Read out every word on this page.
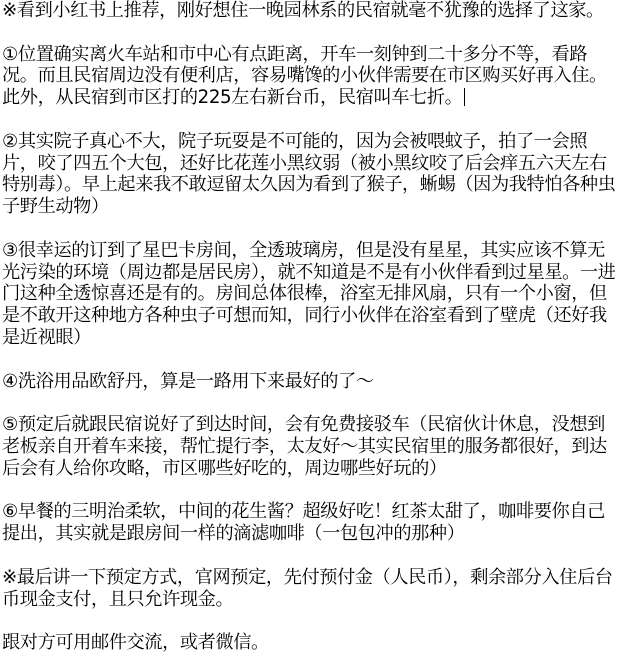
※看到小红书上推荐，刚好想住一晚园林系的民宿就毫不犹豫的选择了这家。

①位置确实离火车站和市中心有点距离，开车一刻钟到二十多分不等，看路况。而且民宿周边没有便利店，容易嘴馋的小伙伴需要在市区购买好再入住。此外，从民宿到市区打的225左右新台币，民宿叫车七折。

②其实院子真心不大，院子玩耍是不可能的，因为会被喂蚊子，拍了一会照片，咬了四五个大包，还好比花莲小黑纹弱（被小黑纹咬了后会痒五六天左右特别毒）。早上起来我不敢逗留太久因为看到了猴子，蜥蜴（因为我特怕各种虫子野生动物）

③很幸运的订到了星巴卡房间，全透玻璃房，但是没有星星，其实应该不算无光污染的环境（周边都是居民房），就不知道是不是有小伙伴看到过星星。一进门这种全透惊喜还是有的。房间总体很棒，浴室无排风扇，只有一个小窗，但是不敢开这种地方各种虫子可想而知，同行小伙伴在浴室看到了壁虎（还好我是近视眼）

④洗浴用品欧舒丹，算是一路用下来最好的了～

⑤预定后就跟民宿说好了到达时间，会有免费接驳车（民宿伙计休息，没想到老板亲自开着车来接，帮忙提行李，太友好～其实民宿里的服务都很好，到达后会有人给你攻略，市区哪些好吃的，周边哪些好玩的）

⑥早餐的三明治柔软，中间的花生酱？超级好吃！红茶太甜了，咖啡要你自己提出，其实就是跟房间一样的滴滤咖啡（一包包冲的那种）

※最后讲一下预定方式，官网预定，先付预付金（人民币），剩余部分入住后台币现金支付，且只允许现金。

跟对方可用邮件交流，或者微信。
